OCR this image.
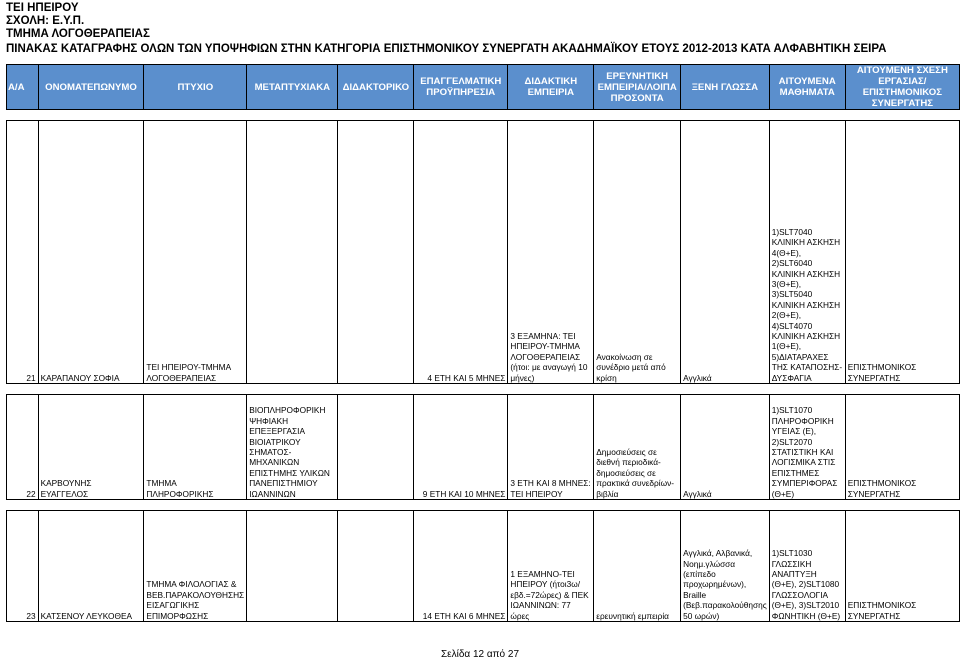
ΤΕΙ ΗΠΕΙΡΟΥ
ΣΧΟΛΗ: Ε.Υ.Π.
ΤΜΗΜΑ ΛΟΓΟΘΕΡΑΠΕΙΑΣ
ΠΙΝΑΚΑΣ ΚΑΤΑΓΡΑΦΗΣ ΟΛΩΝ ΤΩΝ ΥΠΟΨΗΦΙΩΝ ΣΤΗΝ ΚΑΤΗΓΟΡΙΑ ΕΠΙΣΤΗΜΟΝΙΚΟΥ ΣΥΝΕΡΓΑΤΗ ΑΚΑΔΗΜΑΪΚΟΥ ΕΤΟΥΣ 2012-2013 ΚΑΤΑ ΑΛΦΑΒΗΤΙΚΗ ΣΕΙΡΑ
Α/Α	ΟΝΟΜΑΤΕΠΩΝΥΜΟ	ΠΤΥΧΙΟ	ΜΕΤΑΠΤΥΧΙΑΚΑ	ΔΙΔΑΚΤΟΡΙΚΟ	ΕΠΑΓΓΕΛΜΑΤΙΚΗ ΠΡΟΫΠΗΡΕΣΙΑ	ΔΙΔΑΚΤΙΚΗ ΕΜΠΕΙΡΙΑ	ΕΡΕΥΝΗΤΙΚΗ ΕΜΠΕΙΡΙΑ/ΛΟΙΠΑ ΠΡΟΣΟΝΤΑ	ΞΕΝΗ ΓΛΩΣΣΑ	ΑΙΤΟΥΜΕΝΑ ΜΑΘΗΜΑΤΑ	ΑΙΤΟΥΜΕΝΗ ΣΧΕΣΗ ΕΡΓΑΣΙΑΣ/ΕΠΙΣΤΗΜΟΝΙΚΟΣ ΣΥΝΕΡΓΑΤΗΣ

21	ΚΑΡΑΠΑΝΟΥ ΣΟΦΙΑ	ΤΕΙ ΗΠΕΙΡΟΥ-ΤΜΗΜΑ ΛΟΓΟΘΕΡΑΠΕΙΑΣ			4 ΕΤΗ ΚΑΙ 5 ΜΗΝΕΣ	3 ΕΞΑΜΗΝΑ: ΤΕΙ ΗΠΕΙΡΟΥ-ΤΜΗΜΑ ΛΟΓΟΘΕΡΑΠΕΙΑΣ (ήτοι: με αναγωγή 10 μήνες)	Ανακοίνωση σε συνέδριο μετά από κρίση	Αγγλικά	1)SLT7040 ΚΛΙΝΙΚΗ ΑΣΚΗΣΗ 4(Θ+Ε), 2)SLT6040 ΚΛΙΝΙΚΗ ΑΣΚΗΣΗ 3(Θ+Ε), 3)SLT5040 ΚΛΙΝΙΚΗ ΑΣΚΗΣΗ 2(Θ+Ε), 4)SLT4070 ΚΛΙΝΙΚΗ ΑΣΚΗΣΗ 1(Θ+Ε), 5)ΔΙΑΤΑΡΑΧΕΣ ΤΗΣ ΚΑΤΑΠΟΣΗΣ-ΔΥΣΦΑΓΙΑ	ΕΠΙΣΤΗΜΟΝΙΚΟΣ ΣΥΝΕΡΓΑΤΗΣ

22	ΚΑΡΒΟΥΝΗΣ ΕΥΑΓΓΕΛΟΣ	ΤΜΗΜΑ ΠΛΗΡΟΦΟΡΙΚΗΣ	ΒΙΟΠΛΗΡΟΦΟΡΙΚΗ ΨΗΦΙΑΚΗ ΕΠΕΞΕΡΓΑΣΙΑ ΒΙΟΙΑΤΡΙΚΟΥ ΣΗΜΑΤΟΣ-ΜΗΧΑΝΙΚΩΝ ΕΠΙΣΤΗΜΗΣ ΥΛΙΚΩΝ ΠΑΝΕΠΙΣΤΗΜΙΟΥ ΙΩΑΝΝΙΝΩΝ		9 ΕΤΗ ΚΑΙ 10 ΜΗΝΕΣ	3 ΕΤΗ ΚΑΙ 8 ΜΗΝΕΣ: ΤΕΙ ΗΠΕΙΡΟΥ	Δημοσιεύσεις σε διεθνή περιοδικά-δημοσιεύσεις σε πρακτικά συνεδρίων-βιβλία	Αγγλικά	1)SLT1070 ΠΛΗΡΟΦΟΡΙΚΗ ΥΓΕΙΑΣ (Ε), 2)SLT2070 ΣΤΑΤΙΣΤΙΚΗ ΚΑΙ ΛΟΓΙΣΜΙΚΑ ΣΤΙΣ ΕΠΙΣΤΗΜΕΣ ΣΥΜΠΕΡΙΦΟΡΑΣ (Θ+Ε)	ΕΠΙΣΤΗΜΟΝΙΚΟΣ ΣΥΝΕΡΓΑΤΗΣ

23	ΚΑΤΣΕΝΟΥ ΛΕΥΚΟΘΕΑ	ΤΜΗΜΑ ΦΙΛΟΛΟΓΙΑΣ & ΒΕΒ.ΠΑΡΑΚΟΛΟΥΘΗΣΗΣ ΕΙΣΑΓΩΓΙΚΗΣ ΕΠΙΜΟΡΦΩΣΗΣ			14 ΕΤΗ ΚΑΙ 6 ΜΗΝΕΣ	1 ΕΞΑΜΗΝΟ-ΤΕΙ ΗΠΕΙΡΟΥ (ήτοι3ω/εβδ.=72ώρες) & ΠΕΚ ΙΩΑΝΝΙΝΩΝ: 77 ώρες	ερευνητική εμπειρία	Αγγλικά, Αλβανικά, Νοημ.γλώσσα (επίπεδο προχωρημένων), Braille (Βεβ.παρακολούθησης 50 ωρών)	1)SLT1030 ΓΛΩΣΣΙΚΗ ΑΝΑΠΤΥΞΗ (Θ+Ε), 2)SLT1080 ΓΛΩΣΣΟΛΟΓΙΑ (Θ+Ε), 3)SLT2010 ΦΩΝΗΤΙΚΗ (Θ+Ε)	ΕΠΙΣΤΗΜΟΝΙΚΟΣ ΣΥΝΕΡΓΑΤΗΣ
Σελίδα 12 από 27
